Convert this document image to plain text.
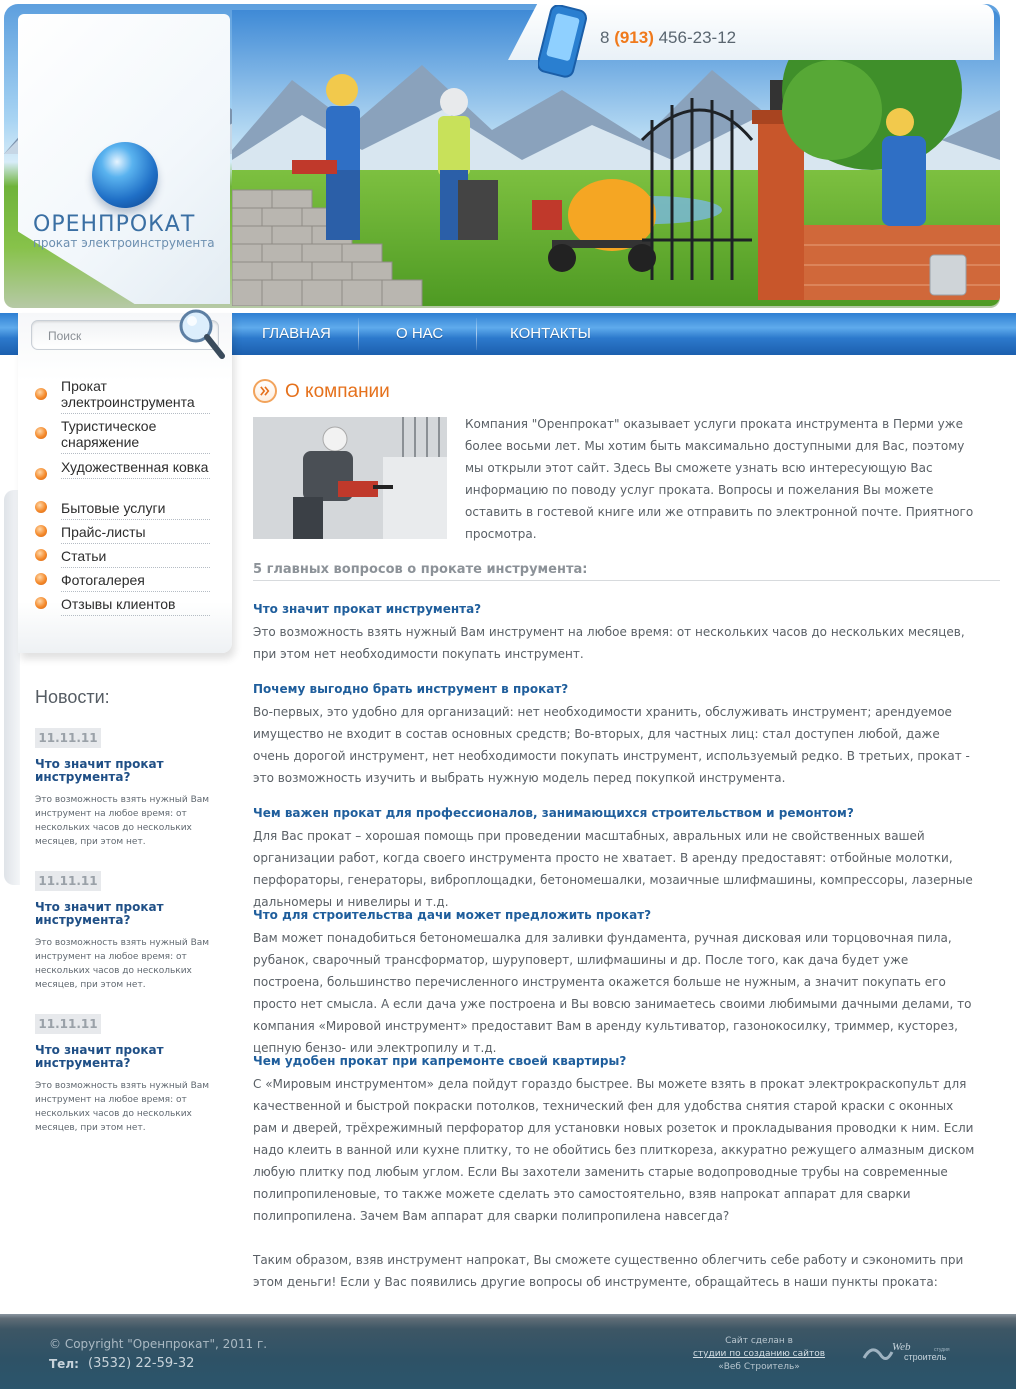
ОРЕНПРОКАТ
прокат электроинструмента
8 (913) 456-23-12
ГЛАВНАЯ	О НАС	КОНТАКТЫ
Поиск
Прокат электроинструмента
Туристическое снаряжение
Художественная ковка
Бытовые услуги
Прайс-листы
Статьи
Фотогалерея
Отзывы клиентов
Новости:
11.11.11
Что значит прокат инструмента?
Это возможность взять нужный Вам инструмент на любое время: от нескольких часов до нескольких месяцев, при этом нет.
11.11.11
Что значит прокат инструмента?
Это возможность взять нужный Вам инструмент на любое время: от нескольких часов до нескольких месяцев, при этом нет.
11.11.11
Что значит прокат инструмента?
Это возможность взять нужный Вам инструмент на любое время: от нескольких часов до нескольких месяцев, при этом нет.
О компании
Компания "Оренпрокат" оказывает услуги проката инструмента в Перми уже более восьми лет. Мы хотим быть максимально доступными для Вас, поэтому мы открыли этот сайт. Здесь Вы сможете узнать всю интересующую Вас информацию по поводу услуг проката. Вопросы и пожелания Вы можете оставить в гостевой книге или же отправить по электронной почте. Приятного просмотра.
5 главных вопросов о прокате инструмента:
Что значит прокат инструмента?
Это возможность взять нужный Вам инструмент на любое время: от нескольких часов до нескольких месяцев, при этом нет необходимости покупать инструмент.
Почему выгодно брать инструмент в прокат?
Во-первых, это удобно для организаций: нет необходимости хранить, обслуживать инструмент; арендуемое имущество не входит в состав основных средств; Во-вторых, для частных лиц: стал доступен любой, даже очень дорогой инструмент, нет необходимости покупать инструмент, используемый редко. В третьих, прокат - это возможность изучить и выбрать нужную модель перед покупкой инструмента.
Чем важен прокат для профессионалов, занимающихся строительством и ремонтом?
Для Вас прокат – хорошая помощь при проведении масштабных, авральных или не свойственных вашей организации работ, когда своего инструмента просто не хватает. В аренду предоставят: отбойные молотки, перфораторы, генераторы, виброплощадки, бетономешалки, мозаичные шлифмашины, компрессоры, лазерные дальномеры и нивелиры и т.д.
Что для строительства дачи может предложить прокат?
Вам может понадобиться бетономешалка для заливки фундамента, ручная дисковая или торцовочная пила, рубанок, сварочный трансформатор, шуруповерт, шлифмашины и др. После того, как дача будет уже построена, большинство перечисленного инструмента окажется больше не нужным, а значит покупать его просто нет смысла. А если дача уже построена и Вы вовсю занимаетесь своими любимыми дачными делами, то компания «Мировой инструмент» предоставит Вам в аренду культиватор, газонокосилку, триммер, кусторез, цепную бензо- или электропилу и т.д.
Чем удобен прокат при капремонте своей квартиры?
С «Мировым инструментом» дела пойдут гораздо быстрее. Вы можете взять в прокат электрокраскопульт для качественной и быстрой покраски потолков, технический фен для удобства снятия старой краски с оконных рам и дверей, трёхрежимный перфоратор для установки новых розеток и прокладывания проводки к ним. Если надо клеить в ванной или кухне плитку, то не обойтись без плиткореза, аккуратно режущего алмазным диском любую плитку под любым углом. Если Вы захотели заменить старые водопроводные трубы на современные полипропиленовые, то также можете сделать это самостоятельно, взяв напрокат аппарат для сварки полипропилена. Зачем Вам аппарат для сварки полипропилена навсегда?
Таким образом, взяв инструмент напрокат, Вы сможете существенно облегчить себе работу и сэкономить при этом деньги! Если у Вас появились другие вопросы об инструменте, обращайтесь в наши пункты проката:
© Copyright "Оренпрокат", 2011 г.
Тел: (3532) 22-59-32
Сайт сделан в
студии по созданию сайтов
«Веб Строитель»
Web
строитель
студия
